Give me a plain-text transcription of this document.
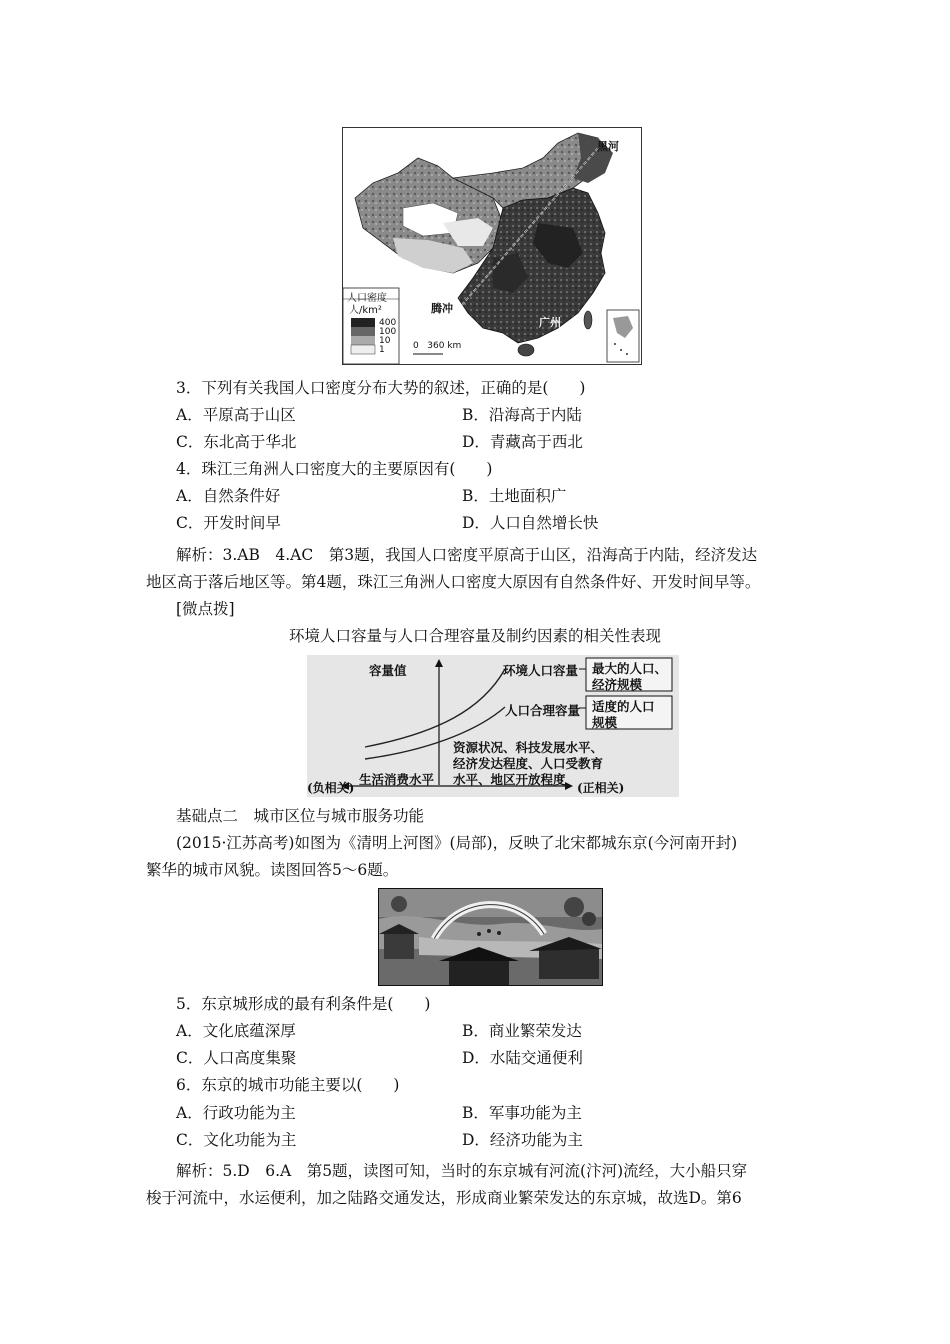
黑河
腾冲
广州
人口密度
人/km²
400
100
10
1	0   360 km
3．下列有关我国人口密度分布大势的叙述，正确的是(　　)
A．平原高于山区	B．沿海高于内陆
C．东北高于华北	D．青藏高于西北
4．珠江三角洲人口密度大的主要原因有(　　)
A．自然条件好	B．土地面积广
C．开发时间早	D．人口自然增长快
解析：3.AB　4.AC　第3题，我国人口密度平原高于山区，沿海高于内陆，经济发达
地区高于落后地区等。第4题，珠江三角洲人口密度大原因有自然条件好、开发时间早等。
[微点拨]
环境人口容量与人口合理容量及制约因素的相关性表现
容量值	环境人口容量 最大的人口、
经济规模
人口合理容量 适度的人口
规模
资源状况、科技发展水平、
经济发达程度、人口受教育
水平、地区开放程度
生活消费水平
(负相关)	(正相关)
基础点二　城市区位与城市服务功能
(2015·江苏高考)如图为《清明上河图》(局部)，反映了北宋都城东京(今河南开封)
繁华的城市风貌。读图回答5～6题。
5．东京城形成的最有利条件是(　　)
A．文化底蕴深厚	B．商业繁荣发达
C．人口高度集聚	D．水陆交通便利
6．东京的城市功能主要以(　　)
A．行政功能为主	B．军事功能为主
C．文化功能为主	D．经济功能为主
解析：5.D　6.A　第5题，读图可知，当时的东京城有河流(汴河)流经，大小船只穿
梭于河流中，水运便利，加之陆路交通发达，形成商业繁荣发达的东京城，故选D。第6
